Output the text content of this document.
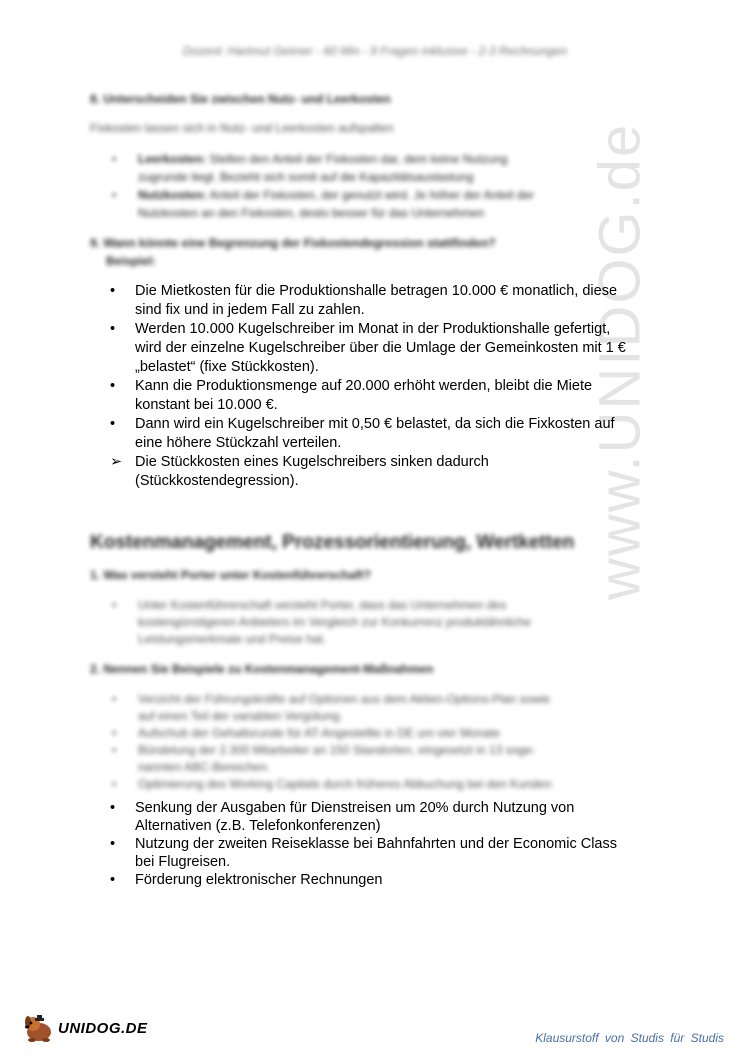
Dozent: Hartmut Geimer - 60 Min - 9 Fragen inklusive - 2-3 Rechnungen
www.UNIDOG.de
8. Unterscheiden Sie zwischen Nutz- und Leerkosten
Fixkosten lassen sich in Nutz- und Leerkosten aufspalten
• Leerkosten: Stellen den Anteil der Fixkosten dar, dem keine Nutzung
zugrunde liegt. Bezieht sich somit auf die Kapazitätsauslastung
• Nutzkosten: Anteil der Fixkosten, der genutzt wird. Je höher der Anteil der
Nutzkosten an den Fixkosten, desto besser für das Unternehmen
9. Wann könnte eine Begrenzung der Fixkostendegression stattfinden?
Beispiel:
• Die Mietkosten für die Produktionshalle betragen 10.000 € monatlich, diese
sind fix und in jedem Fall zu zahlen.
• Werden 10.000 Kugelschreiber im Monat in der Produktionshalle gefertigt,
wird der einzelne Kugelschreiber über die Umlage der Gemeinkosten mit 1 €
„belastet“ (fixe Stückkosten).
• Kann die Produktionsmenge auf 20.000 erhöht werden, bleibt die Miete
konstant bei 10.000 €.
• Dann wird ein Kugelschreiber mit 0,50 € belastet, da sich die Fixkosten auf
eine höhere Stückzahl verteilen.
➢ Die Stückkosten eines Kugelschreibers sinken dadurch
(Stückkostendegression).
Kostenmanagement, Prozessorientierung, Wertketten
1. Was versteht Porter unter Kostenführerschaft?
• Unter Kostenführerschaft versteht Porter, dass das Unternehmen des
kostengünstigeren Anbieters im Vergleich zur Konkurrenz produktähnliche
Leistungsmerkmale und Preise hat.
2. Nennen Sie Beispiele zu Kostenmanagement-Maßnahmen
• Verzicht der Führungskräfte auf Optionen aus dem Aktien-Options-Plan sowie
auf einen Teil der variablen Vergütung.
• Aufschub der Gehaltsrunde für AT-Angestellte in DE um vier Monate
• Bündelung der 2.300 Mitarbeiter an 150 Standorten, eingesetzt in 13 soge-
nannten ABC-Bereichen.
• Optimierung des Working Capitals durch früheres Abbuchung bei den Kunden
• Senkung der Ausgaben für Dienstreisen um 20% durch Nutzung von
Alternativen (z.B. Telefonkonferenzen)
• Nutzung der zweiten Reiseklasse bei Bahnfahrten und der Economic Class
bei Flugreisen.
• Förderung elektronischer Rechnungen
UNIDOG.DE
Klausurstoff von Studis für Studis
